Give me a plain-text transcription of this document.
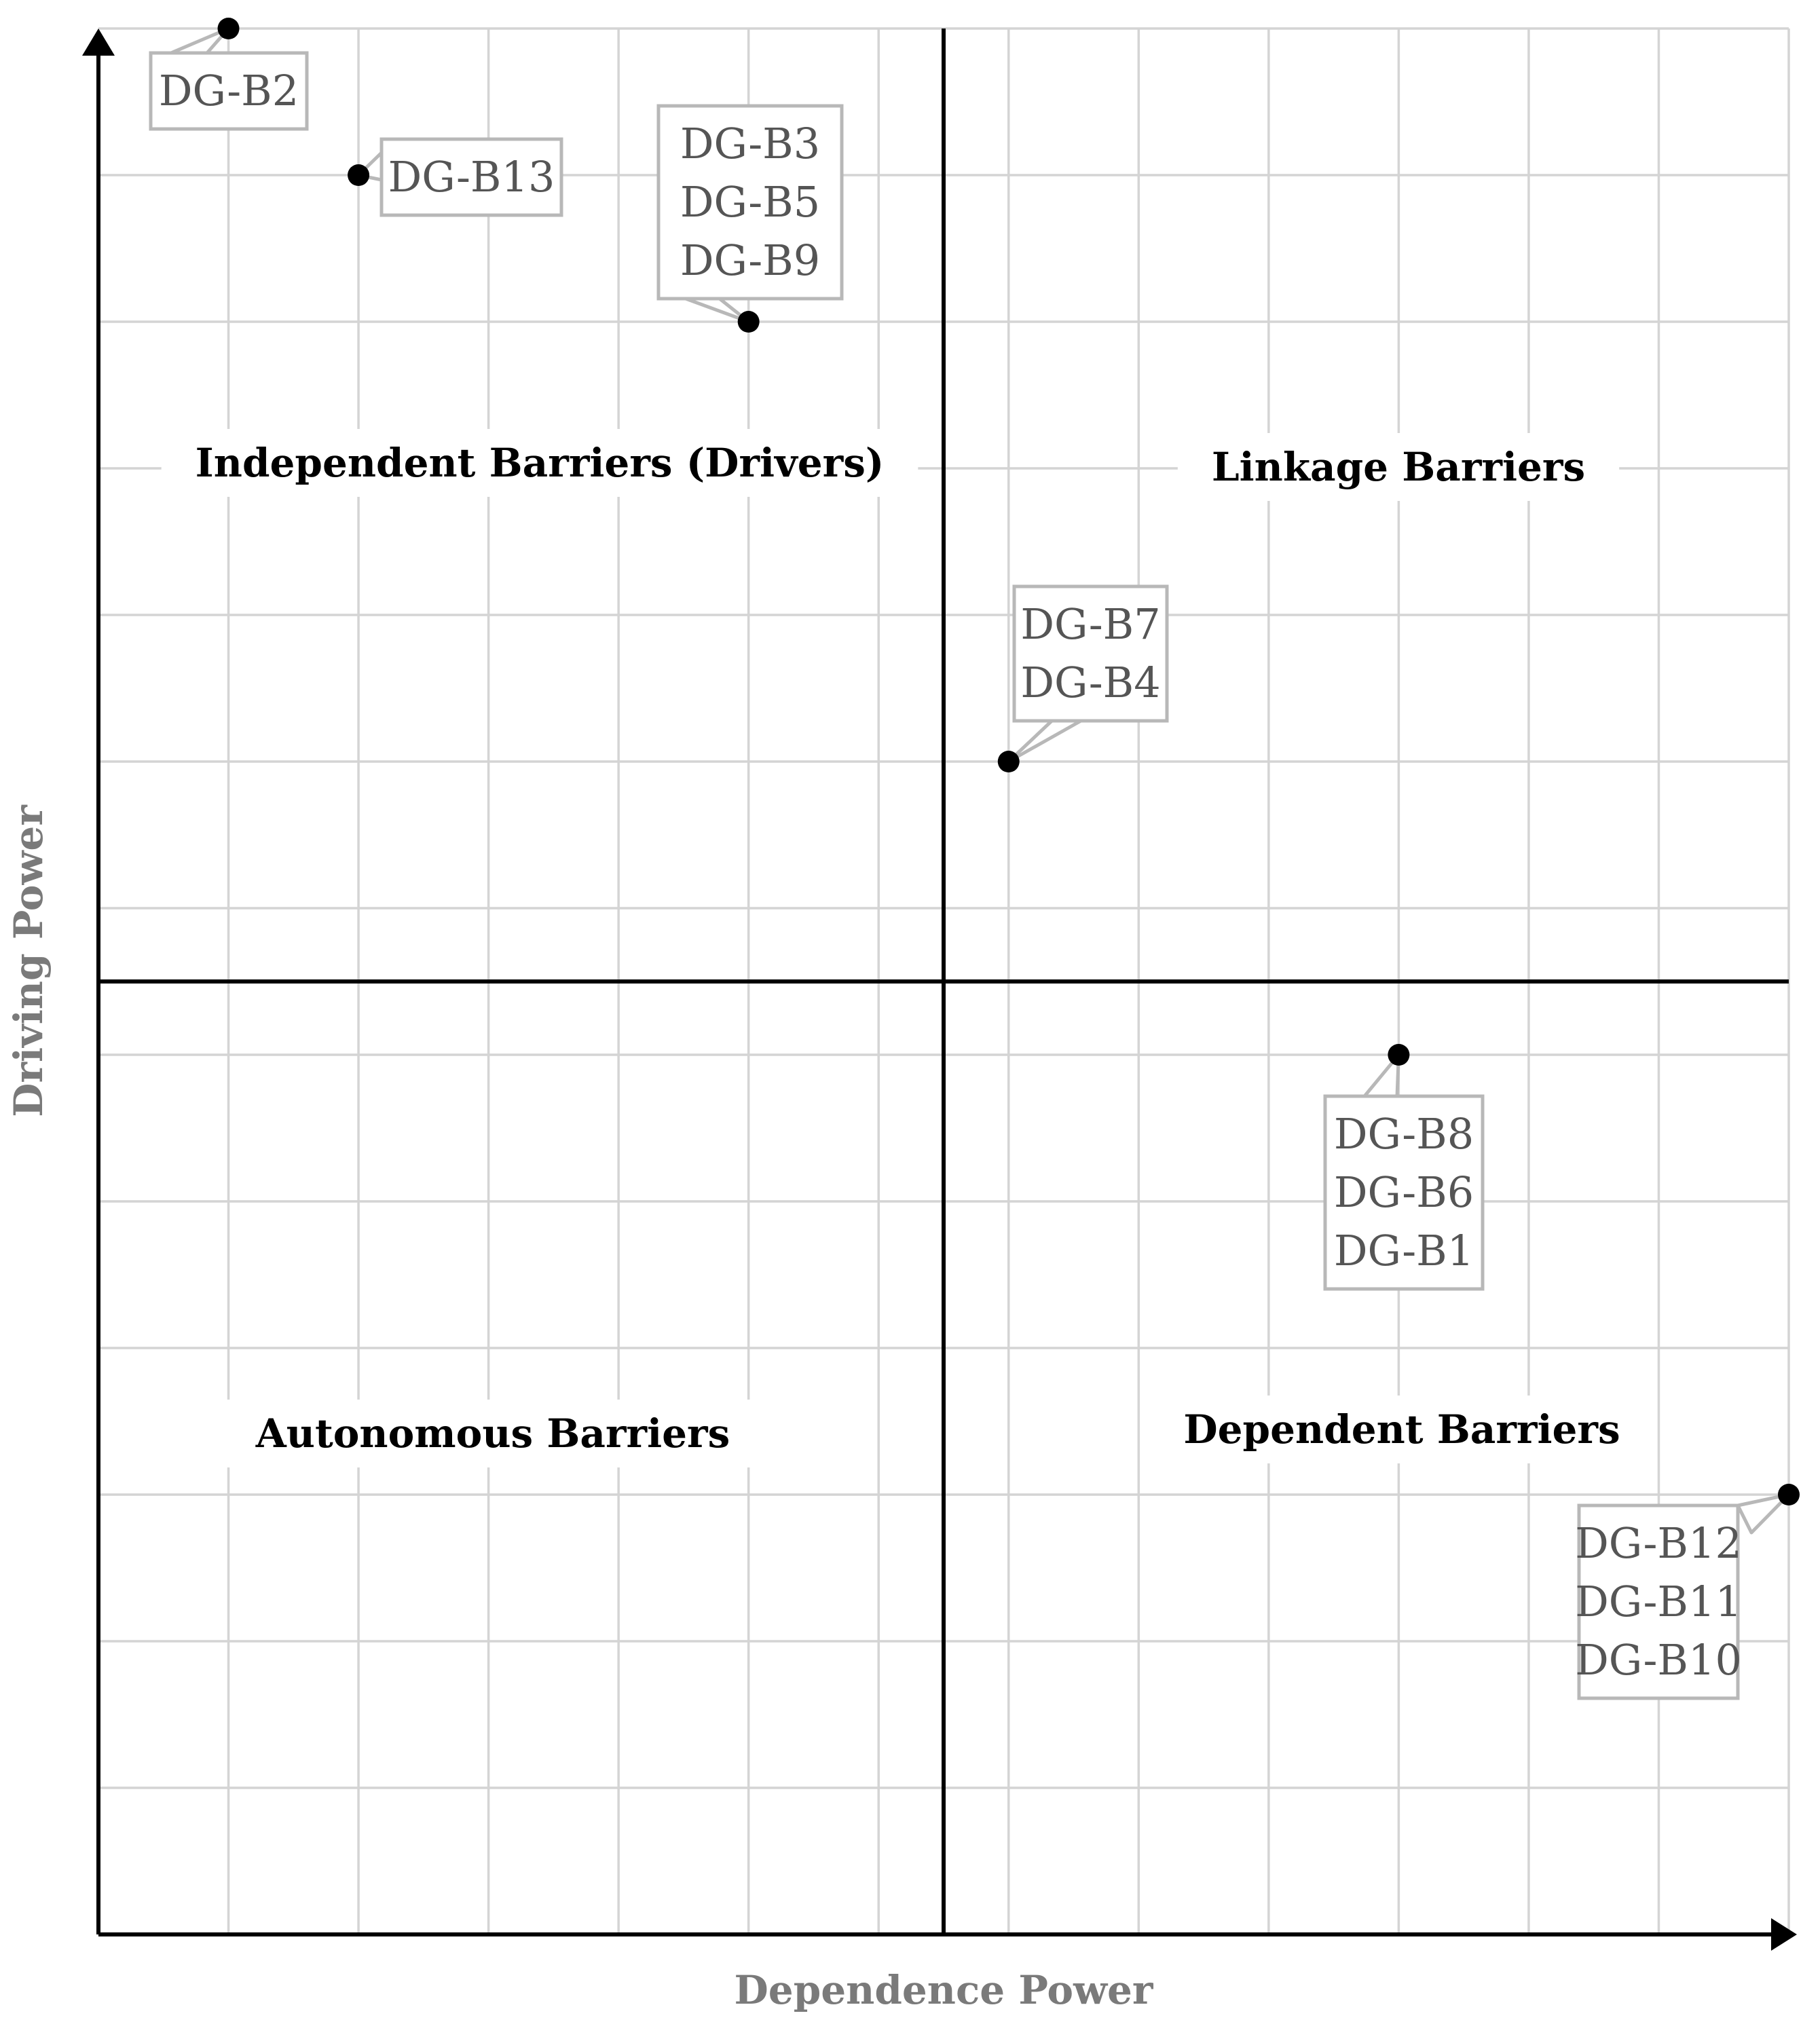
Independent Barriers (Drivers)	Linkage Barriers
Autonomous Barriers	Dependent Barriers
Dependence Power
Driving Power
DG-B2
DG-B13
DG-B3
DG-B5
DG-B9
DG-B7
DG-B4
DG-B8
DG-B6
DG-B1
DG-B12
DG-B11
DG-B10
